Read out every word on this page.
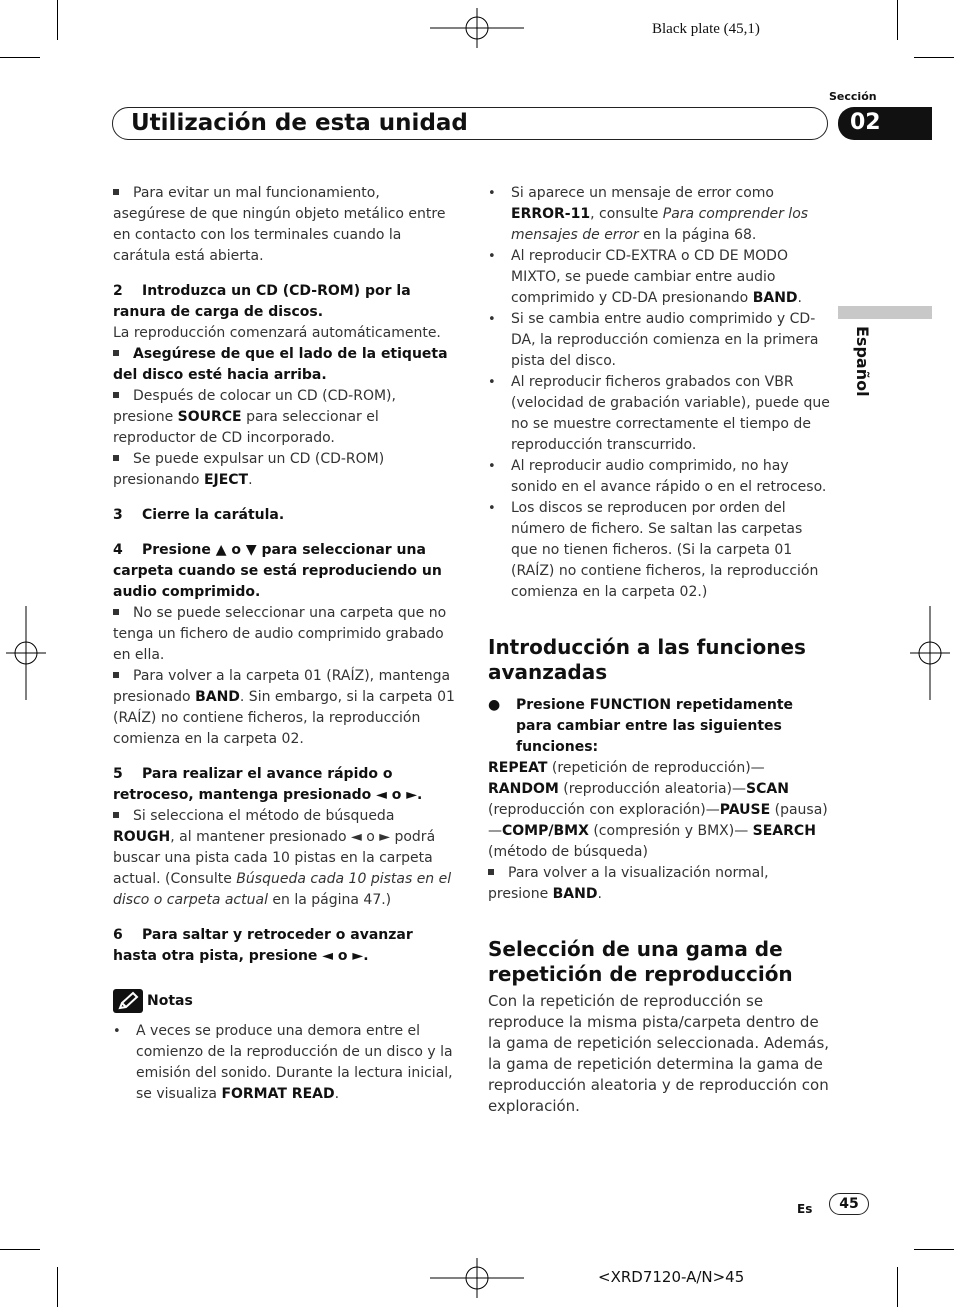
Black plate (45,1)
Sección
Utilización de esta unidad	02
Español

Para evitar un mal funcionamiento, asegúrese de que ningún objeto metálico entre en contacto con los terminales cuando la carátula está abierta.

2 Introduzca un CD (CD-ROM) por la ranura de carga de discos.

La reproducción comenzará automáticamente.

Asegúrese de que el lado de la etiqueta del disco esté hacia arriba.

Después de colocar un CD (CD-ROM), presione SOURCE para seleccionar el reproductor de CD incorporado.

Se puede expulsar un CD (CD-ROM) presionando EJECT.

3 Cierre la carátula.

4 Presione ▲ o ▼ para seleccionar una carpeta cuando se está reproduciendo un audio comprimido.

No se puede seleccionar una carpeta que no tenga un fichero de audio comprimido grabado en ella.

Para volver a la carpeta 01 (RAÍZ), mantenga presionado BAND. Sin embargo, si la carpeta 01 (RAÍZ) no contiene ficheros, la reproducción comienza en la carpeta 02.

5 Para realizar el avance rápido o retroceso, mantenga presionado ◄ o ►.

Si selecciona el método de búsqueda ROUGH, al mantener presionado ◄ o ► podrá buscar una pista cada 10 pistas en la carpeta actual. (Consulte Búsqueda cada 10 pistas en el disco o carpeta actual en la página 47.)

6 Para saltar y retroceder o avanzar hasta otra pista, presione ◄ o ►.

Notas

• A veces se produce una demora entre el comienzo de la reproducción de un disco y la emisión del sonido. Durante la lectura inicial, se visualiza FORMAT READ.

• Si aparece un mensaje de error como ERROR-11, consulte Para comprender los mensajes de error en la página 68.

• Al reproducir CD-EXTRA o CD DE MODO MIXTO, se puede cambiar entre audio comprimido y CD-DA presionando BAND.

• Si se cambia entre audio comprimido y CD-DA, la reproducción comienza en la primera pista del disco.

• Al reproducir ficheros grabados con VBR (velocidad de grabación variable), puede que no se muestre correctamente el tiempo de reproducción transcurrido.

• Al reproducir audio comprimido, no hay sonido en el avance rápido o en el retroceso.

• Los discos se reproducen por orden del número de fichero. Se saltan las carpetas que no tienen ficheros. (Si la carpeta 01 (RAÍZ) no contiene ficheros, la reproducción comienza en la carpeta 02.)

Introducción a las funciones avanzadas

● Presione FUNCTION repetidamente para cambiar entre las siguientes funciones:

REPEAT (repetición de reproducción)— RANDOM (reproducción aleatoria)—SCAN (reproducción con exploración)—PAUSE (pausa)—COMP/BMX (compresión y BMX)— SEARCH (método de búsqueda)

Para volver a la visualización normal, presione BAND.

Selección de una gama de repetición de reproducción

Con la repetición de reproducción se reproduce la misma pista/carpeta dentro de la gama de repetición seleccionada. Además, la gama de repetición determina la gama de reproducción aleatoria y de reproducción con exploración.

Es	45
<XRD7120-A/N>45
